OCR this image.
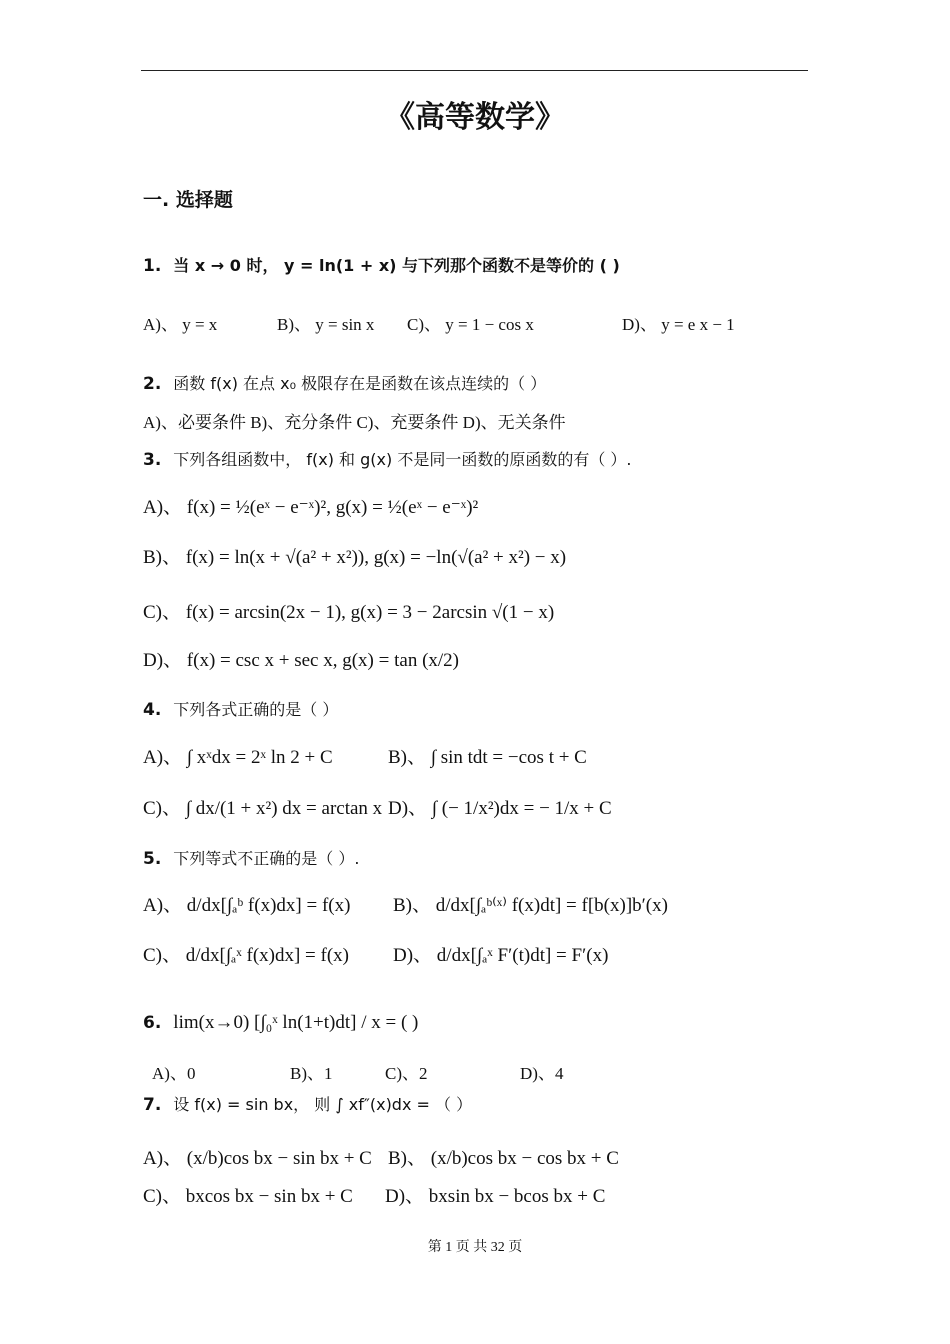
《高等数学》
一. 选择题
1. 当 x → 0 时， y = ln(1 + x) 与下列那个函数不是等价的 ( )
A)、 y = x	B)、 y = sin x C)、 y = 1 − cos x	D)、 y = e x − 1
2. 函数 f(x) 在点 x₀ 极限存在是函数在该点连续的（ ）
A)、必要条件 B)、充分条件 C)、充要条件 D)、无关条件
3. 下列各组函数中， f(x) 和 g(x) 不是同一函数的原函数的有（ ）.
A)、 f(x) = ½(eˣ − e⁻ˣ)², g(x) = ½(eˣ − e⁻ˣ)²
B)、 f(x) = ln(x + √(a² + x²)), g(x) = −ln(√(a² + x²) − x)
C)、 f(x) = arcsin(2x − 1), g(x) = 3 − 2arcsin √(1 − x)
D)、 f(x) = csc x + sec x, g(x) = tan (x/2)
4. 下列各式正确的是（ ）
A)、 ∫ xˣdx = 2ˣ ln 2 + C	B)、 ∫ sin tdt = −cos t + C
C)、 ∫ dx/(1 + x²) dx = arctan x D)、 ∫ (− 1/x²)dx = − 1/x + C
5. 下列等式不正确的是（ ）.
A)、 d/dx[∫ₐᵇ f(x)dx] = f(x) B)、 d/dx[∫ₐᵇ⁽ˣ⁾ f(x)dt] = f[b(x)]b′(x)
C)、 d/dx[∫ₐˣ f(x)dx] = f(x) D)、 d/dx[∫ₐˣ F′(t)dt] = F′(x)
6. lim(x→0) [∫₀ˣ ln(1+t)dt] / x = ( )
A)、0	B)、1	C)、2	D)、4
7. 设 f(x) = sin bx， 则 ∫ xf″(x)dx = （ ）
A)、 (x/b)cos bx − sin bx + C B)、 (x/b)cos bx − cos bx + C
C)、 bxcos bx − sin bx + C D)、 bxsin bx − bcos bx + C
第 1 页 共 32 页
